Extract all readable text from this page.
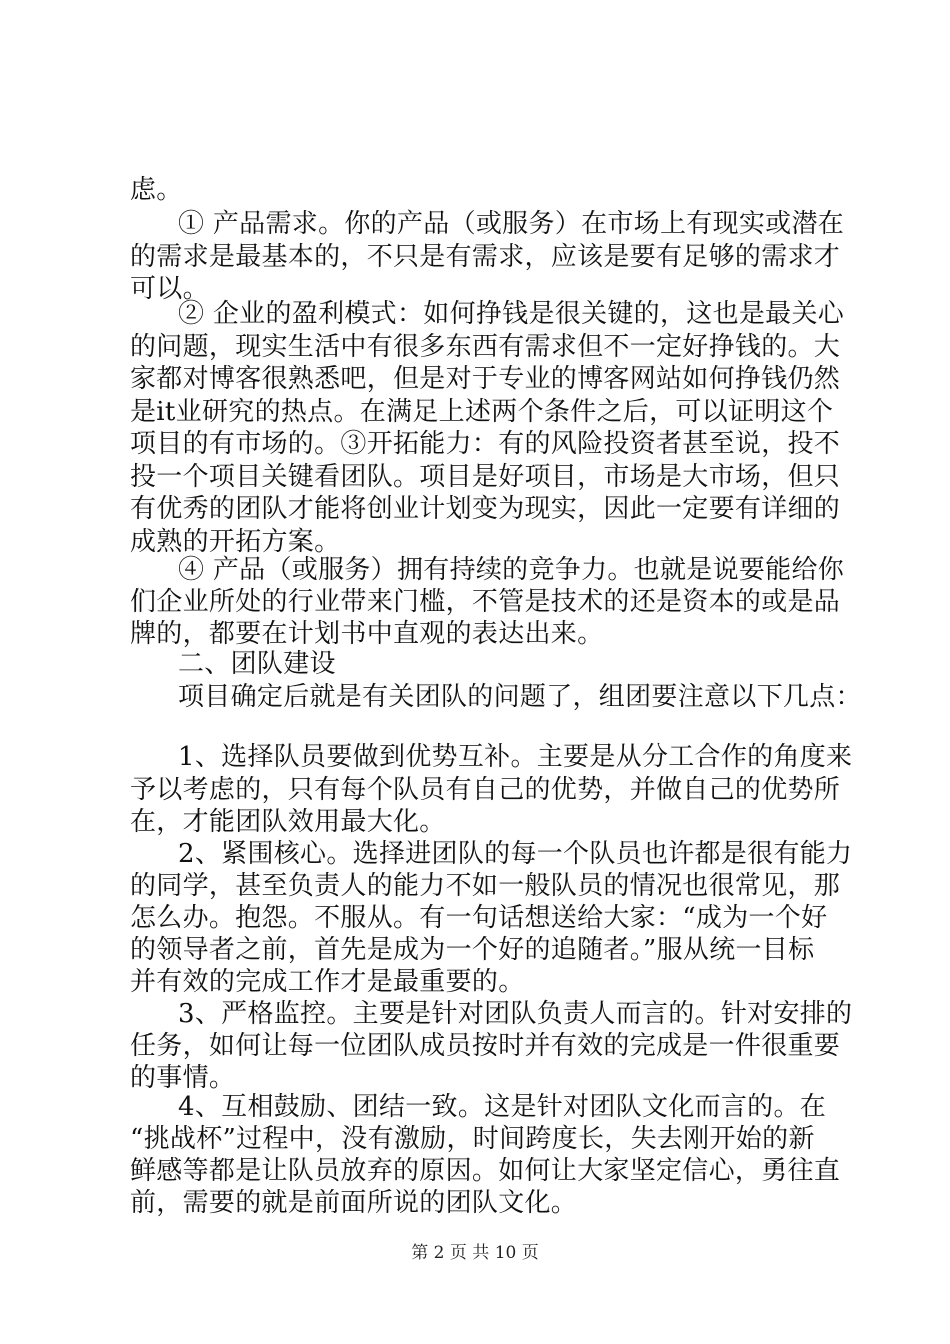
虑。
① 产品需求。你的产品（或服务）在市场上有现实或潜在
的需求是最基本的，不只是有需求，应该是要有足够的需求才
可以。
② 企业的盈利模式：如何挣钱是很关键的，这也是最关心
的问题，现实生活中有很多东西有需求但不一定好挣钱的。大
家都对博客很熟悉吧，但是对于专业的博客网站如何挣钱仍然
是it业研究的热点。在满足上述两个条件之后，可以证明这个
项目的有市场的。③开拓能力：有的风险投资者甚至说，投不
投一个项目关键看团队。项目是好项目，市场是大市场，但只
有优秀的团队才能将创业计划变为现实，因此一定要有详细的
成熟的开拓方案。
④ 产品（或服务）拥有持续的竞争力。也就是说要能给你
们企业所处的行业带来门槛，不管是技术的还是资本的或是品
牌的，都要在计划书中直观的表达出来。
二、团队建设
项目确定后就是有关团队的问题了，组团要注意以下几点：
1、选择队员要做到优势互补。主要是从分工合作的角度来
予以考虑的，只有每个队员有自己的优势，并做自己的优势所
在，才能团队效用最大化。
2、紧围核心。选择进团队的每一个队员也许都是很有能力
的同学，甚至负责人的能力不如一般队员的情况也很常见，那
怎么办。抱怨。不服从。有一句话想送给大家：“成为一个好
的领导者之前，首先是成为一个好的追随者。”服从统一目标
并有效的完成工作才是最重要的。
3、严格监控。主要是针对团队负责人而言的。针对安排的
任务，如何让每一位团队成员按时并有效的完成是一件很重要
的事情。
4、互相鼓励、团结一致。这是针对团队文化而言的。在
“挑战杯”过程中，没有激励，时间跨度长，失去刚开始的新
鲜感等都是让队员放弃的原因。如何让大家坚定信心，勇往直
前，需要的就是前面所说的团队文化。
第 2 页 共 10 页
